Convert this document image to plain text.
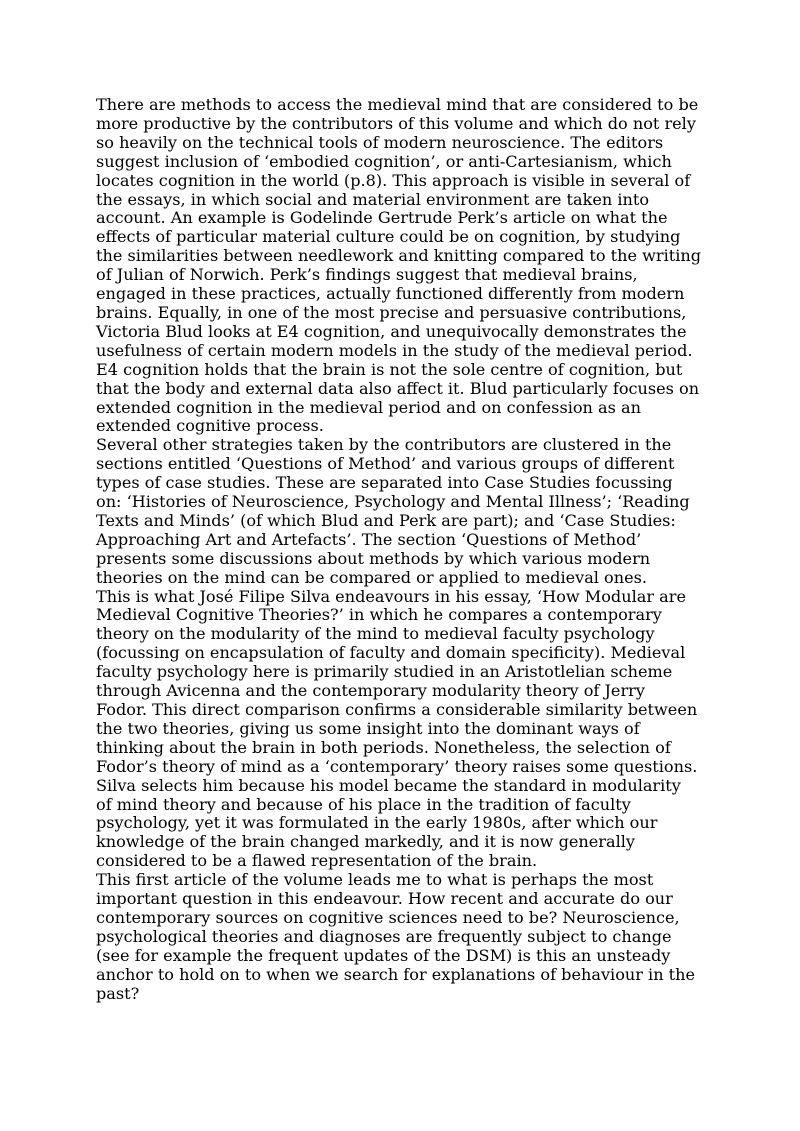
There are methods to access the medieval mind that are considered to be
more productive by the contributors of this volume and which do not rely
so heavily on the technical tools of modern neuroscience. The editors
suggest inclusion of ‘embodied cognition’, or anti-Cartesianism, which
locates cognition in the world (p.8). This approach is visible in several of
the essays, in which social and material environment are taken into
account. An example is Godelinde Gertrude Perk’s article on what the
effects of particular material culture could be on cognition, by studying
the similarities between needlework and knitting compared to the writing
of Julian of Norwich. Perk’s findings suggest that medieval brains,
engaged in these practices, actually functioned differently from modern
brains. Equally, in one of the most precise and persuasive contributions,
Victoria Blud looks at E4 cognition, and unequivocally demonstrates the
usefulness of certain modern models in the study of the medieval period.
E4 cognition holds that the brain is not the sole centre of cognition, but
that the body and external data also affect it. Blud particularly focuses on
extended cognition in the medieval period and on confession as an
extended cognitive process.

Several other strategies taken by the contributors are clustered in the
sections entitled ‘Questions of Method’ and various groups of different
types of case studies. These are separated into Case Studies focussing
on: ‘Histories of Neuroscience, Psychology and Mental Illness’; ‘Reading
Texts and Minds’ (of which Blud and Perk are part); and ‘Case Studies:
Approaching Art and Artefacts’. The section ‘Questions of Method’
presents some discussions about methods by which various modern
theories on the mind can be compared or applied to medieval ones.

This is what José Filipe Silva endeavours in his essay, ‘How Modular are
Medieval Cognitive Theories?’ in which he compares a contemporary
theory on the modularity of the mind to medieval faculty psychology
(focussing on encapsulation of faculty and domain specificity). Medieval
faculty psychology here is primarily studied in an Aristotlelian scheme
through Avicenna and the contemporary modularity theory of Jerry
Fodor. This direct comparison confirms a considerable similarity between
the two theories, giving us some insight into the dominant ways of
thinking about the brain in both periods. Nonetheless, the selection of
Fodor’s theory of mind as a ‘contemporary’ theory raises some questions.
Silva selects him because his model became the standard in modularity
of mind theory and because of his place in the tradition of faculty
psychology, yet it was formulated in the early 1980s, after which our
knowledge of the brain changed markedly, and it is now generally
considered to be a flawed representation of the brain.

This first article of the volume leads me to what is perhaps the most
important question in this endeavour. How recent and accurate do our
contemporary sources on cognitive sciences need to be? Neuroscience,
psychological theories and diagnoses are frequently subject to change
(see for example the frequent updates of the DSM) is this an unsteady
anchor to hold on to when we search for explanations of behaviour in the
past?
